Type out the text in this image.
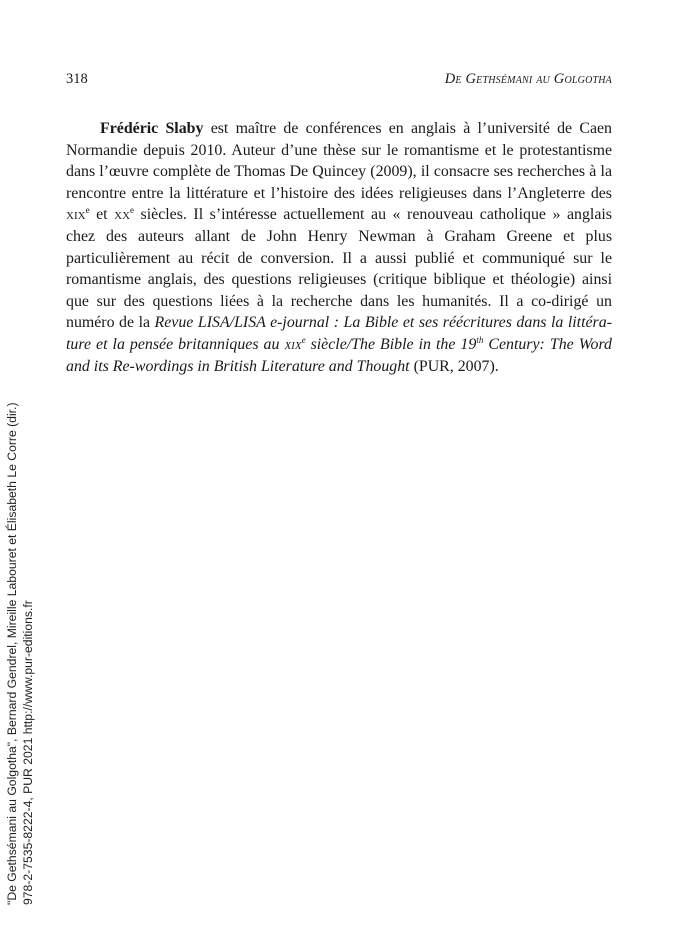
318	De Gethsémani au Golgotha

Frédéric Slaby est maître de conférences en anglais à l’université de Caen Normandie depuis 2010. Auteur d’une thèse sur le romantisme et le protestantisme dans l’œuvre complète de Thomas De Quincey (2009), il consacre ses recherches à la rencontre entre la littérature et l’histoire des idées religieuses dans l’Angleterre des xix$^e$ et $xx^e$ siècles. Il s’intéresse actuellement au « renouveau catholique » anglais chez des auteurs allant de John Henry Newman à Graham Greene et plus particulièrement au récit de conversion. Il a aussi publié et communiqué sur le romantisme anglais, des questions religieuses (critique biblique et théologie) ainsi que sur des questions liées à la recherche dans les humanités. Il a co-dirigé un numéro de la Revue LISA/LISA e-journal : La Bible et ses réécritures dans la littérature et la pensée britanniques au xix$^e$ siècle/The Bible in the 19th Century: The Word and its Re-wordings in British Literature and Thought (PUR, 2007).

"De Gethsémani au Golgotha", Bernard Gendrel, Mireille Labouret et Élisabeth Le Corre (dir.) 978-2-7535-8222-4, PUR 2021 http://www.pur-editions.fr
